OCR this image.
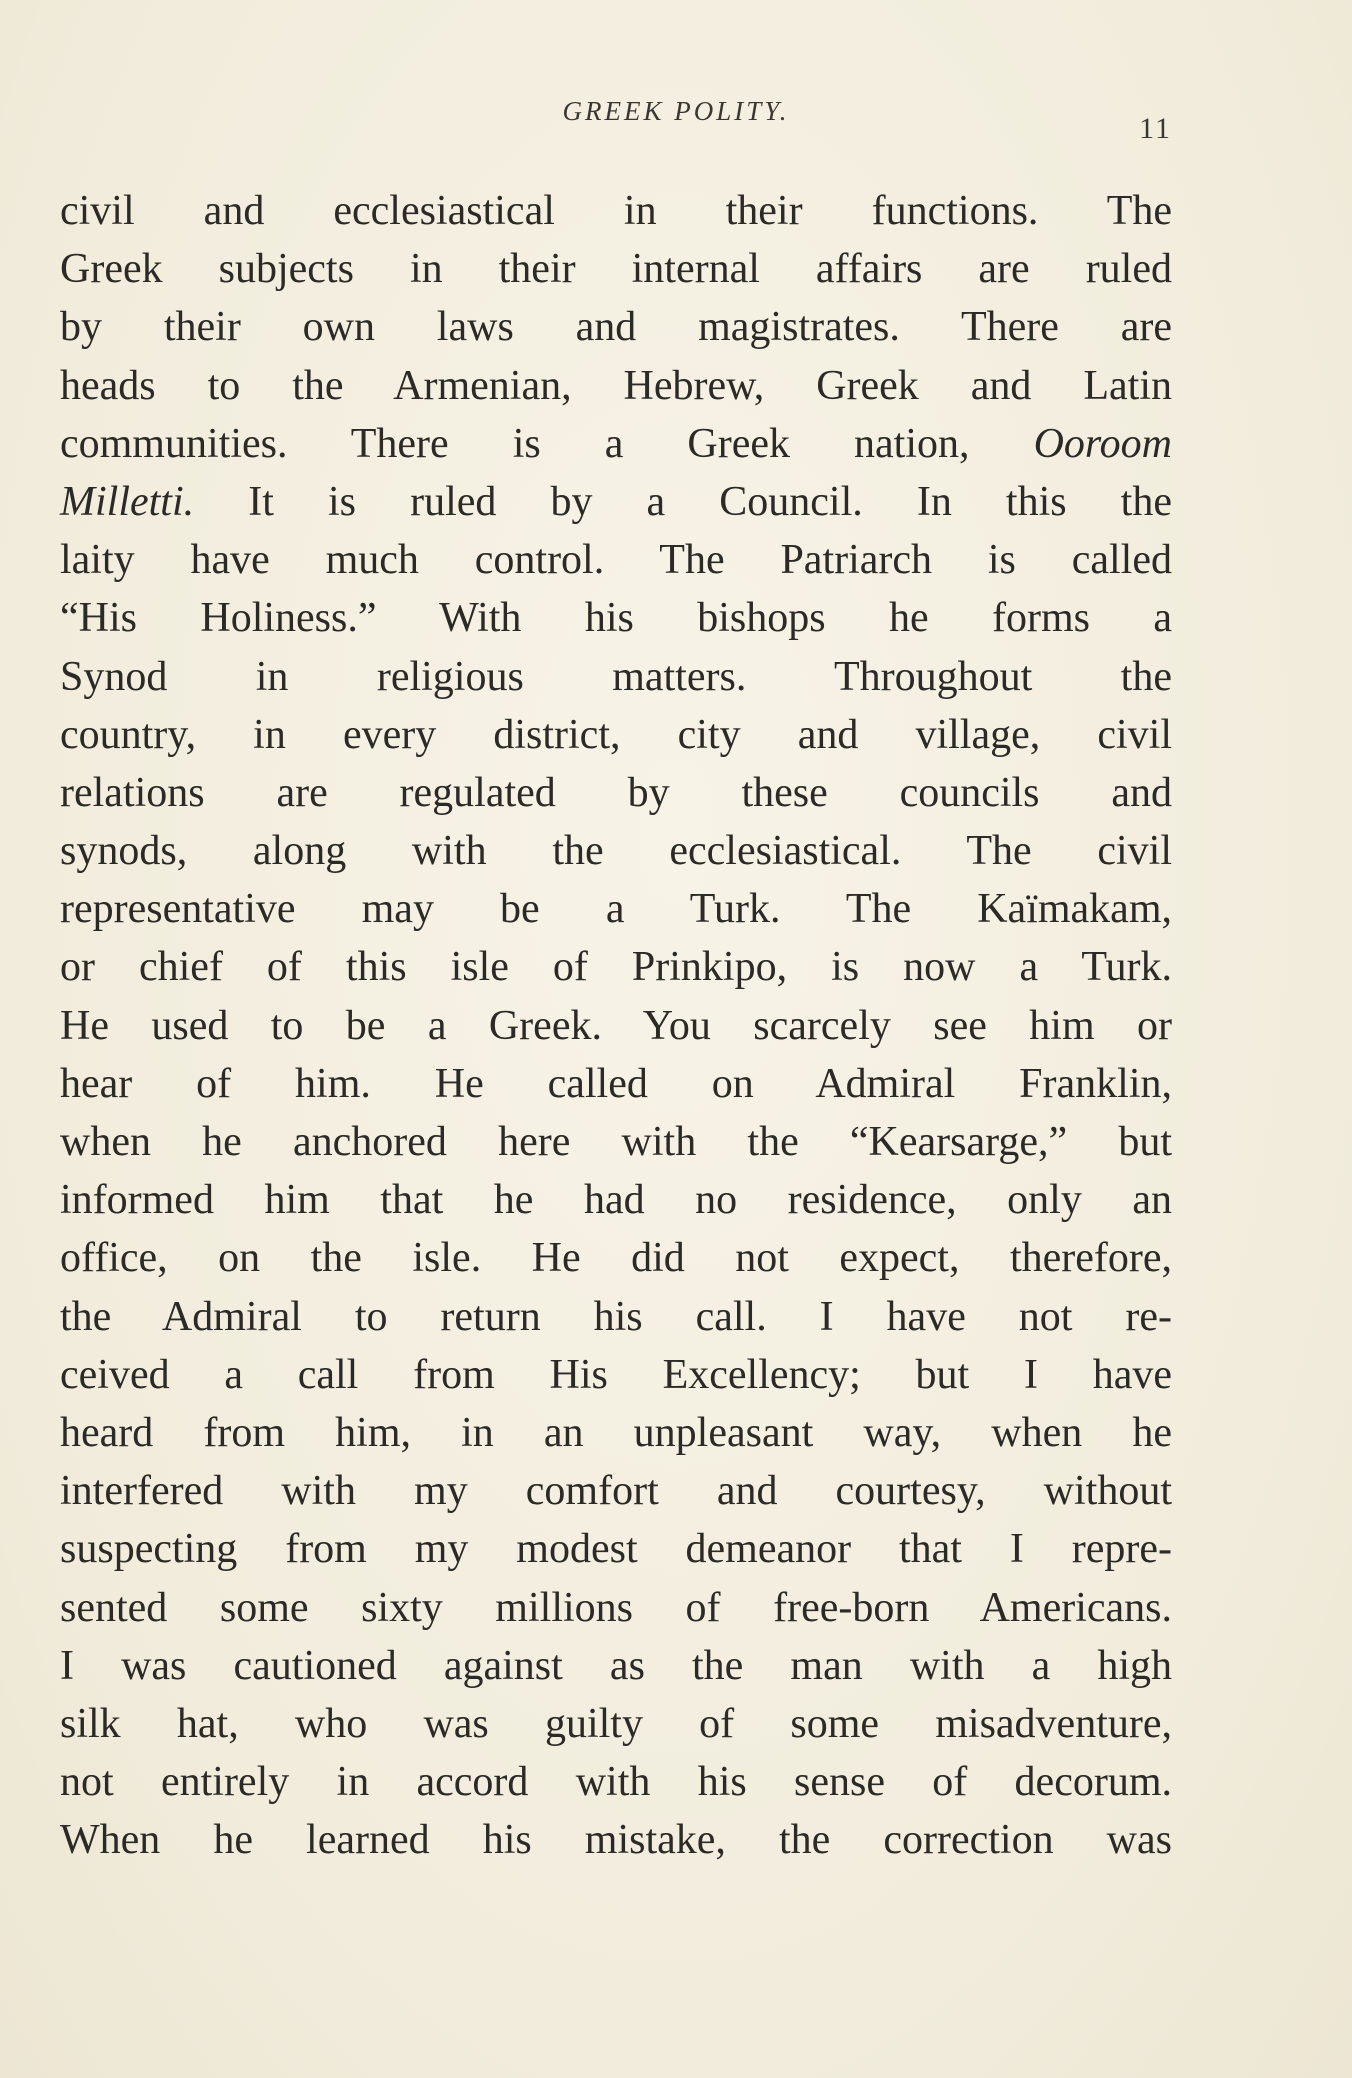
GREEK POLITY.
11
civil and ecclesiastical in their functions. The
Greek subjects in their internal affairs are ruled
by their own laws and magistrates. There are
heads to the Armenian, Hebrew, Greek and Latin
communities. There is a Greek nation, Ooroom
Milletti. It is ruled by a Council. In this the
laity have much control. The Patriarch is called
“His Holiness.” With his bishops he forms a
Synod in religious matters. Throughout the
country, in every district, city and village, civil
relations are regulated by these councils and
synods, along with the ecclesiastical. The civil
representative may be a Turk. The Kaïmakam,
or chief of this isle of Prinkipo, is now a Turk.
He used to be a Greek. You scarcely see him or
hear of him. He called on Admiral Franklin,
when he anchored here with the “Kearsarge,” but
informed him that he had no residence, only an
office, on the isle. He did not expect, therefore,
the Admiral to return his call. I have not re-
ceived a call from His Excellency; but I have
heard from him, in an unpleasant way, when he
interfered with my comfort and courtesy, without
suspecting from my modest demeanor that I repre-
sented some sixty millions of free-born Americans.
I was cautioned against as the man with a high
silk hat, who was guilty of some misadventure,
not entirely in accord with his sense of decorum.
When he learned his mistake, the correction was
